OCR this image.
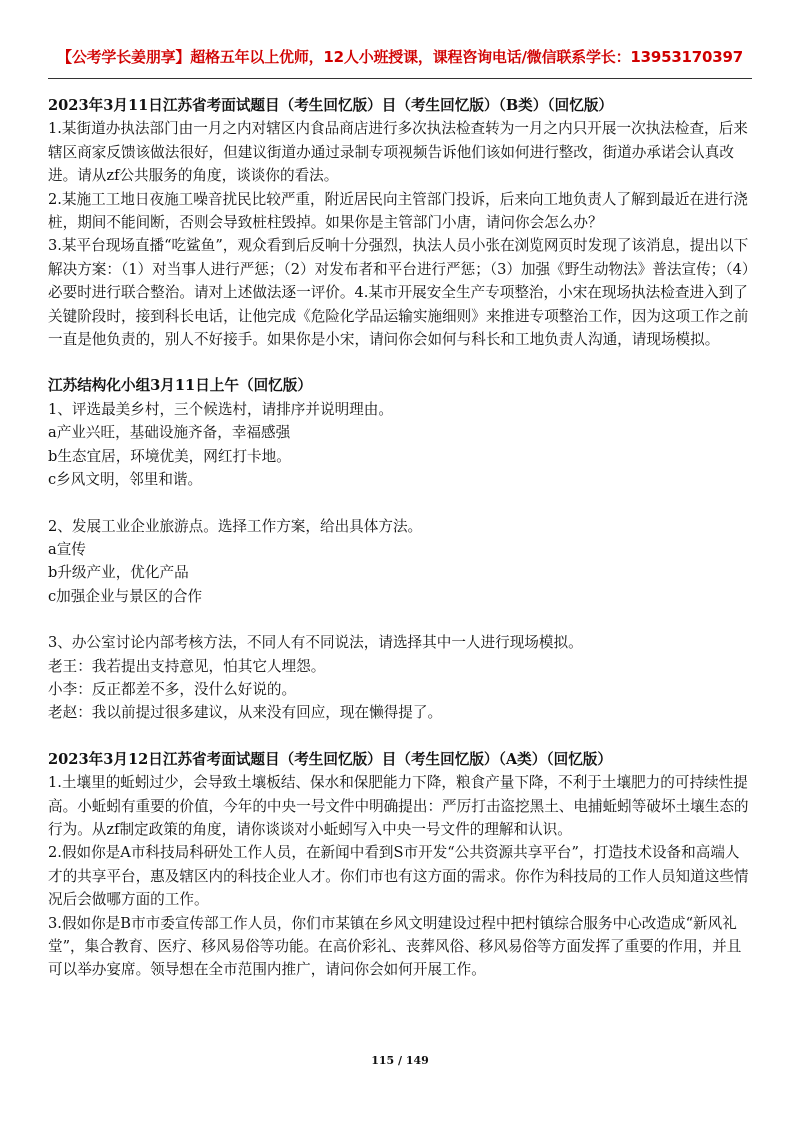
【公考学长姜朋享】超格五年以上优师，12人小班授课，课程咨询电话/微信联系学长：13953170397

2023年3月11日江苏省考面试题目（考生回忆版）目（考生回忆版）（B类）（回忆版）

1.某街道办执法部门由一月之内对辖区内食品商店进行多次执法检查转为一月之内只开展一次执法检查，后来辖区商家反馈该做法很好，但建议街道办通过录制专项视频告诉他们该如何进行整改，街道办承诺会认真改进。请从zf公共服务的角度，谈谈你的看法。

2.某施工工地日夜施工噪音扰民比较严重，附近居民向主管部门投诉，后来向工地负责人了解到最近在进行浇桩，期间不能间断，否则会导致桩柱毁掉。如果你是主管部门小唐，请问你会怎么办？

3.某平台现场直播“吃鲨鱼”，观众看到后反响十分强烈，执法人员小张在浏览网页时发现了该消息，提出以下解决方案：（1）对当事人进行严惩；（2）对发布者和平台进行严惩；（3）加强《野生动物法》普法宣传；（4）必要时进行联合整治。请对上述做法逐一评价。4.某市开展安全生产专项整治，小宋在现场执法检查进入到了关键阶段时，接到科长电话，让他完成《危险化学品运输实施细则》来推进专项整治工作，因为这项工作之前一直是他负责的，别人不好接手。如果你是小宋，请问你会如何与科长和工地负责人沟通，请现场模拟。

江苏结构化小组3月11日上午（回忆版）

1、评选最美乡村，三个候选村，请排序并说明理由。

a产业兴旺，基础设施齐备，幸福感强

b生态宜居，环境优美，网红打卡地。

c乡风文明，邻里和谐。

2、发展工业企业旅游点。选择工作方案，给出具体方法。

a宣传

b升级产业，优化产品

c加强企业与景区的合作

3、办公室讨论内部考核方法，不同人有不同说法，请选择其中一人进行现场模拟。

老王：我若提出支持意见，怕其它人埋怨。

小李：反正都差不多，没什么好说的。

老赵：我以前提过很多建议，从来没有回应，现在懒得提了。

2023年3月12日江苏省考面试题目（考生回忆版）目（考生回忆版）（A类）（回忆版）

1.土壤里的蚯蚓过少，会导致土壤板结、保水和保肥能力下降，粮食产量下降，不利于土壤肥力的可持续性提高。小蚯蚓有重要的价值，今年的中央一号文件中明确提出：严厉打击盗挖黑土、电捕蚯蚓等破坏土壤生态的行为。从zf制定政策的角度，请你谈谈对小蚯蚓写入中央一号文件的理解和认识。

2.假如你是A市科技局科研处工作人员，在新闻中看到S市开发“公共资源共享平台”，打造技术设备和高端人才的共享平台，惠及辖区内的科技企业人才。你们市也有这方面的需求。你作为科技局的工作人员知道这些情况后会做哪方面的工作。

3.假如你是B市市委宣传部工作人员，你们市某镇在乡风文明建设过程中把村镇综合服务中心改造成“新风礼堂”，集合教育、医疗、移风易俗等功能。在高价彩礼、丧葬风俗、移风易俗等方面发挥了重要的作用，并且可以举办宴席。领导想在全市范围内推广，请问你会如何开展工作。

115 / 149
